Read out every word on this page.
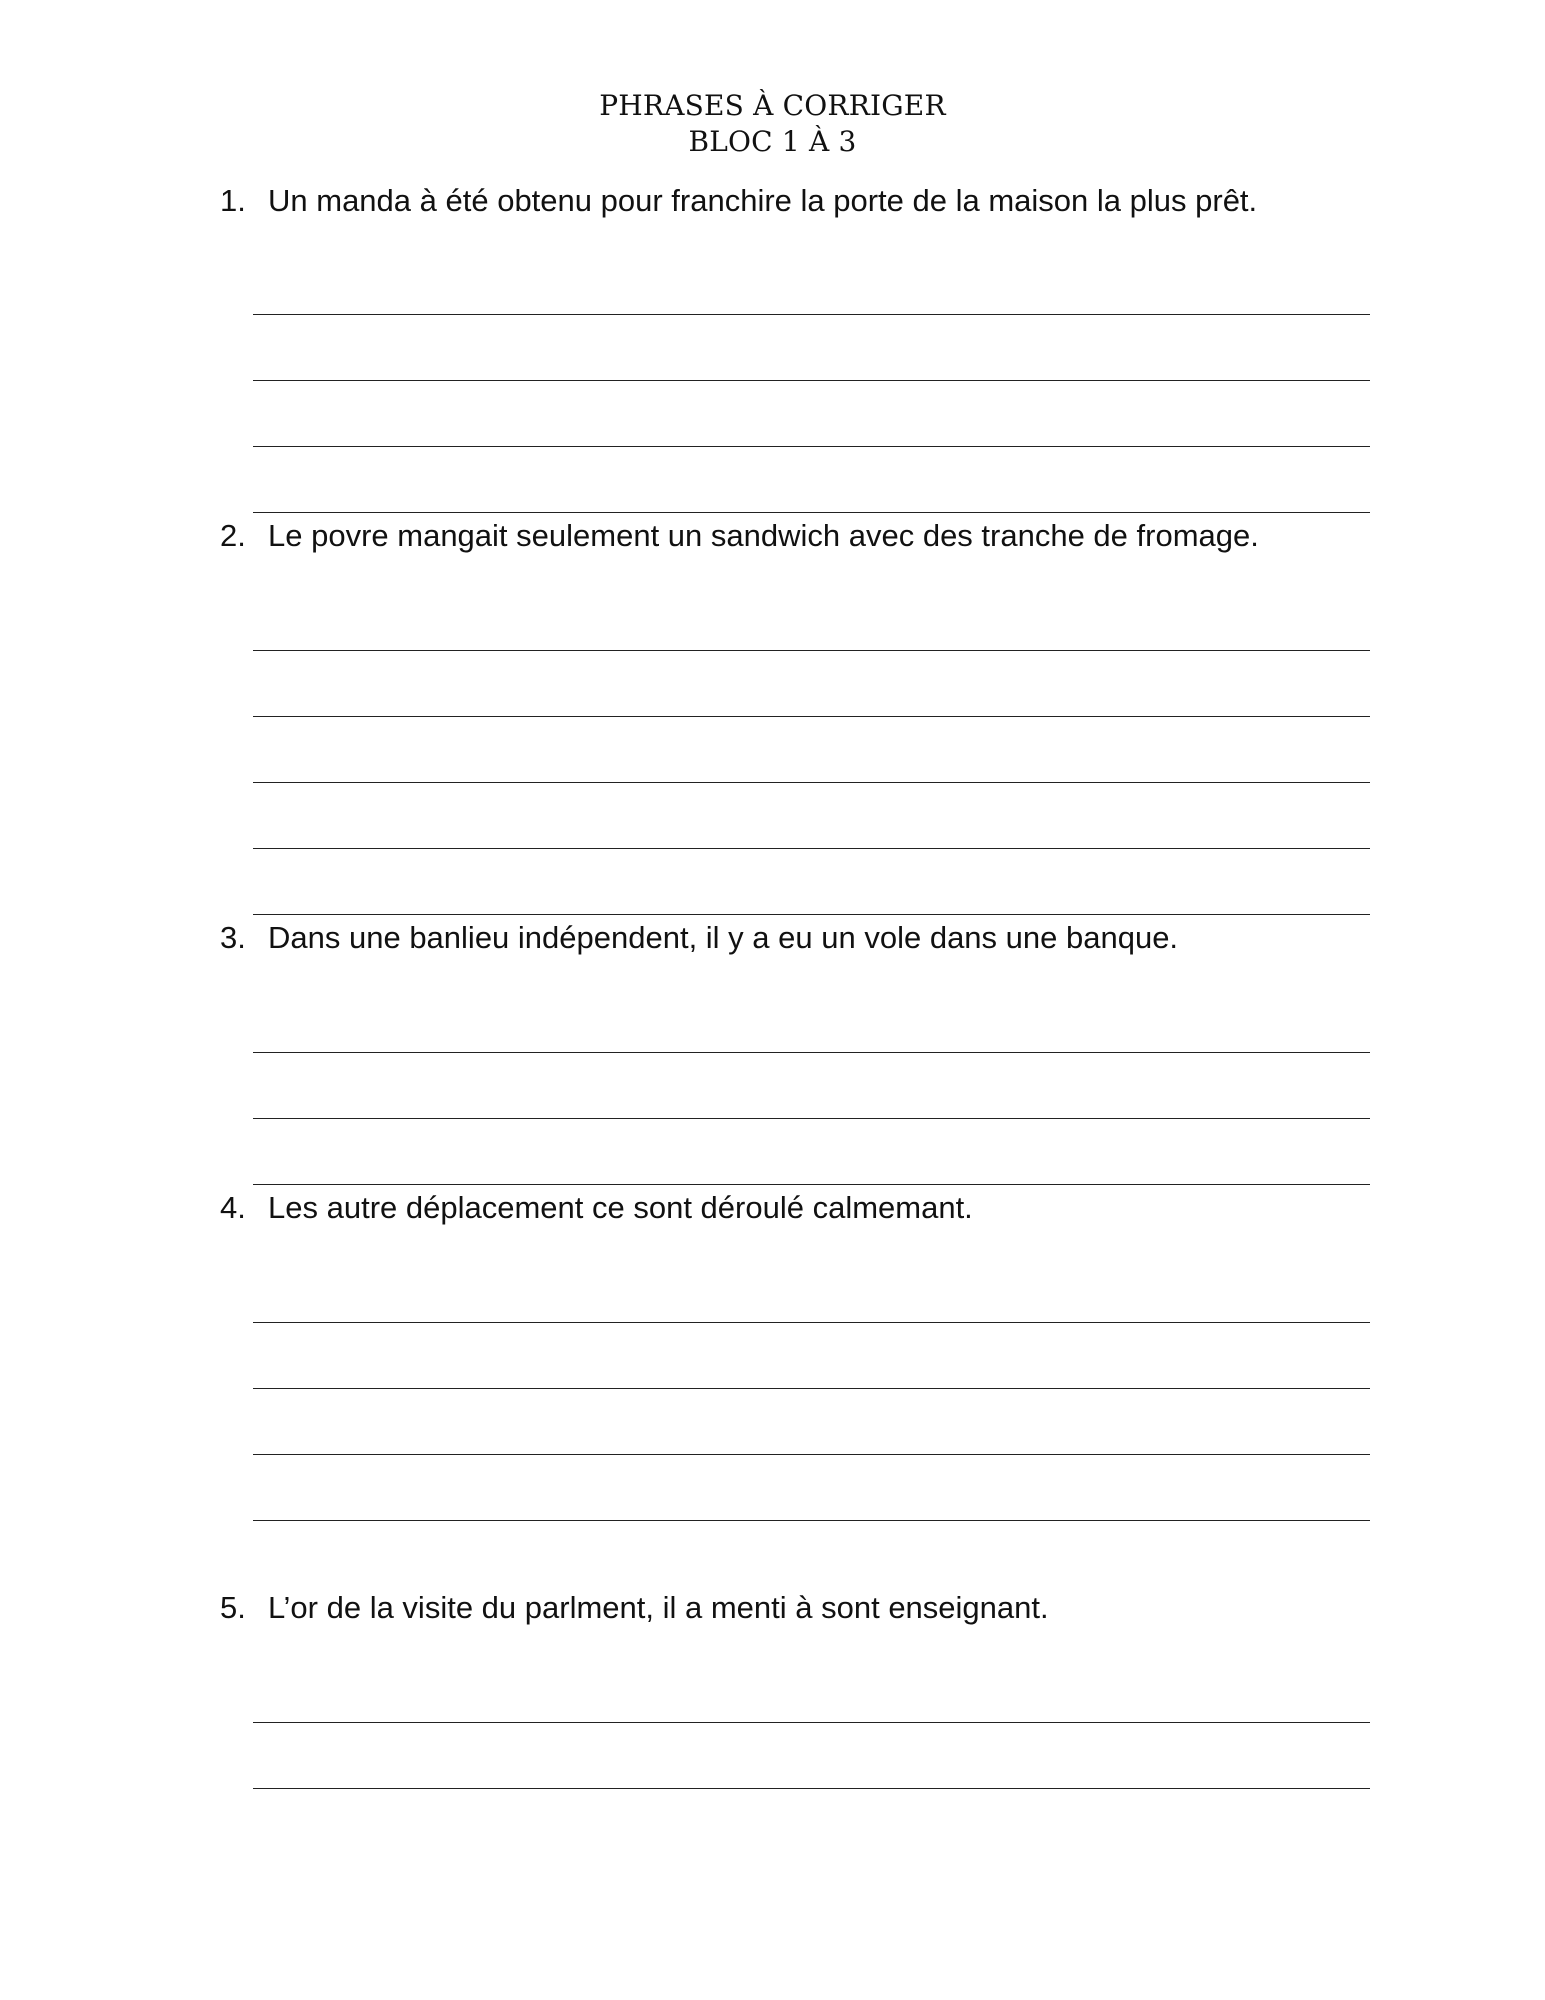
PHRASES À CORRIGER
BLOC 1 À 3
1. Un manda à été obtenu pour franchire la porte de la maison la plus prêt.
2. Le povre mangait seulement un sandwich avec des tranche de fromage.
3. Dans une banlieu indépendent, il y a eu un vole dans une banque.
4. Les autre déplacement ce sont déroulé calmemant.
5. L’or de la visite du parlment, il a menti à sont enseignant.
